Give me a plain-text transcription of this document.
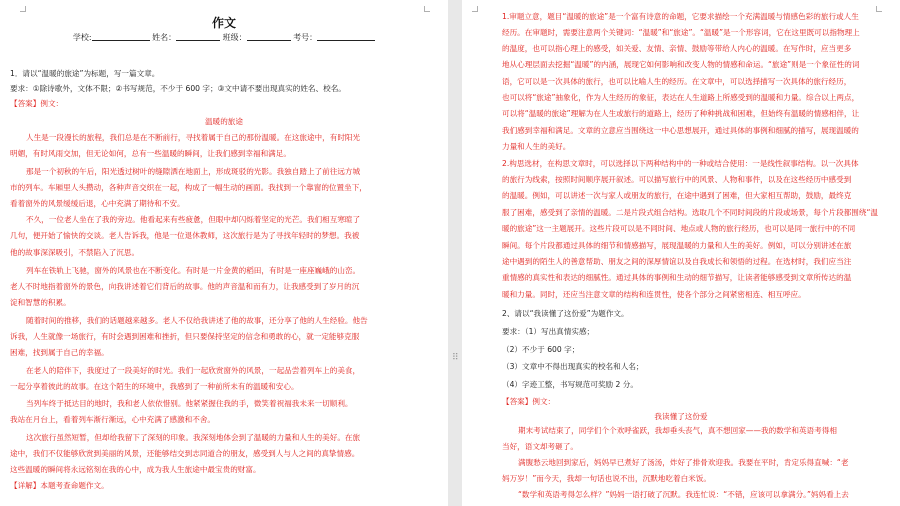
作文
学校:	姓名：	班级：	考号：
1．请以“温暖的旅途”为标题，写一篇文章。
要求：①除诗歌外，文体不限；②书写规范，不少于 600 字；③文中请不要出现真实的姓名、校名。
【答案】例文：
温暖的旅途
人生是一段漫长的旅程，我们总是在不断前行，寻找着属于自己的那份温暖。在这旅途中，有时阳光
明媚，有时风雨交加，但无论如何，总有一些温暖的瞬间，让我们感到幸福和满足。
那是一个初秋的午后，阳光透过树叶的缝隙洒在地面上，形成斑驳的光影。我独自踏上了前往远方城
市的列车。车厢里人头攒动，各种声音交织在一起，构成了一幅生动的画面。我找到一个靠窗的位置坐下，
看着窗外的风景缓缓后退，心中充满了期待和不安。
不久，一位老人坐在了我的旁边。他看起来有些疲惫，但眼中却闪烁着坚定的光芒。我们相互寒暄了
几句，便开始了愉快的交谈。老人告诉我，他是一位退休教师，这次旅行是为了寻找年轻时的梦想。我被
他的故事深深吸引，不禁陷入了沉思。
列车在铁轨上飞驰，窗外的风景也在不断变化。有时是一片金黄的稻田，有时是一座座巍峨的山峦。
老人不时地指着窗外的景色，向我讲述着它们背后的故事。他的声音温和而有力，让我感受到了岁月的沉
淀和智慧的积累。
随着时间的推移，我们的话题越来越多。老人不仅给我讲述了他的故事，还分享了他的人生经验。他告
诉我，人生就像一场旅行，有时会遇到困难和挫折，但只要保持坚定的信念和勇敢的心，就一定能够克服
困难，找到属于自己的幸福。
在老人的陪伴下，我度过了一段美好的时光。我们一起欣赏窗外的风景，一起品尝着列车上的美食，
一起分享着彼此的故事。在这个陌生的环境中，我感到了一种前所未有的温暖和安心。
当列车终于抵达目的地时，我和老人依依惜别。他紧紧握住我的手，微笑着祝福我未来一切顺利。
我站在月台上，看着列车渐行渐远，心中充满了感激和不舍。
这次旅行虽然短暂，但却给我留下了深刻的印象。我深刻地体会到了温暖的力量和人生的美好。在旅
途中，我们不仅能够欣赏到美丽的风景，还能够结交到志同道合的朋友，感受到人与人之间的真挚情感。
这些温暖的瞬间将永远铭刻在我的心中，成为我人生旅途中最宝贵的财富。
【详解】本题考查命题作文。
⠿
1.审题立意，题目“温暖的旅途”是一个富有诗意的命题，它要求描绘一个充满温暖与情感色彩的旅行或人生
经历。在审题时，需要注意两个关键词：“温暖”和“旅途”。“温暖”是一个形容词，它在这里既可以指物理上
的温度，也可以指心理上的感受，如关爱、友情、亲情、鼓励等带给人内心的温暖。在写作时，应当更多
地从心理层面去挖掘“温暖”的内涵，展现它如何影响和改变人物的情感和命运。“旅途”则是一个象征性的词
语，它可以是一次具体的旅行，也可以比喻人生的经历。在文章中，可以选择描写一次具体的旅行经历，
也可以将“旅途”抽象化，作为人生经历的象征，表达在人生道路上所感受到的温暖和力量。综合以上两点，
可以将“温暖的旅途”理解为在人生或旅行的道路上，经历了种种挑战和困难，但始终有温暖的情感相伴，让
我们感到幸福和满足。文章的立意应当围绕这一中心思想展开，通过具体的事例和细腻的描写，展现温暖的
力量和人生的美好。
2.构思选材，在构思文章时，可以选择以下两种结构中的一种或结合使用：一是线性叙事结构。以一次具体
的旅行为线索，按照时间顺序展开叙述。可以描写旅行中的风景、人物和事件，以及在这些经历中感受到
的温暖。例如，可以讲述一次与家人或朋友的旅行，在途中遇到了困难，但大家相互帮助，鼓励，最终克
服了困难，感受到了亲情的温暖。二是片段式组合结构。选取几个不同时间段的片段或场景，每个片段都围绕“温
暖的旅途”这一主题展开。这些片段可以是不同时间、地点或人物的旅行经历，也可以是同一旅行中的不同
瞬间。每个片段都通过具体的细节和情感描写，展现温暖的力量和人生的美好。例如，可以分别讲述在旅
途中遇到的陌生人的善意帮助、朋友之间的深厚情谊以及自我成长和领悟的过程。在选材时，我们应当注
重情感的真实性和表达的细腻性。通过具体的事例和生动的细节描写，让读者能够感受到文章所传达的温
暖和力量。同时，还应当注意文章的结构和连贯性，使各个部分之间紧密相连、相互呼应。
2、请以“我读懂了这份爱”为题作文。
要求：（1）写出真情实感；
（2）不少于 600 字；
（3）文章中不得出现真实的校名和人名；
（4）字迹工整，书写规范可奖励 2 分。
【答案】例文：
我读懂了这份爱
期末考试结束了，同学们个个欢呼雀跃，我却垂头丧气，真不想回家——我的数学和英语考得相
当好，语文却考砸了。
满腹愁云地回到家后，妈妈早已煮好了汤汤，炸好了排骨欢迎我。我要在平时，肯定乐得直喊：“老
妈万岁！”而今天，我却一句话也说不出，沉默地吃着白米饭。
“数学和英语考得怎么样？”妈妈一语打破了沉默。我连忙说：“不错，应该可以拿满分。”妈妈看上去
